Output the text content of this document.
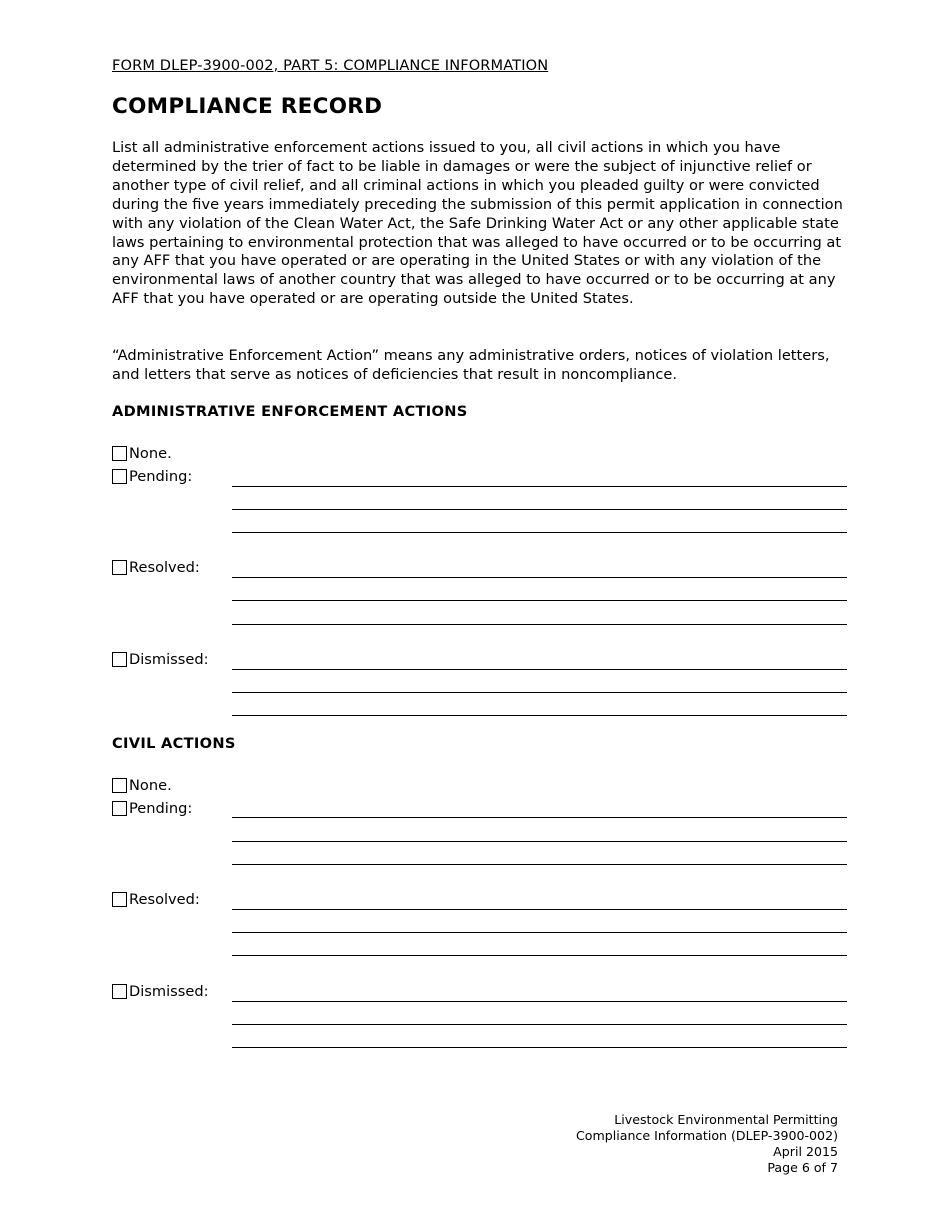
FORM DLEP-3900-002, PART 5: COMPLIANCE INFORMATION
COMPLIANCE RECORD

List all administrative enforcement actions issued to you, all civil actions in which you have determined by the trier of fact to be liable in damages or were the subject of injunctive relief or another type of civil relief, and all criminal actions in which you pleaded guilty or were convicted during the five years immediately preceding the submission of this permit application in connection with any violation of the Clean Water Act, the Safe Drinking Water Act or any other applicable state laws pertaining to environmental protection that was alleged to have occurred or to be occurring at any AFF that you have operated or are operating in the United States or with any violation of the environmental laws of another country that was alleged to have occurred or to be occurring at any AFF that you have operated or are operating outside the United States.

“Administrative Enforcement Action” means any administrative orders, notices of violation letters, and letters that serve as notices of deficiencies that result in noncompliance.

ADMINISTRATIVE ENFORCEMENT ACTIONS
None.
Pending:
Resolved:
Dismissed:
CIVIL ACTIONS
None.
Pending:
Resolved:
Dismissed:
Livestock Environmental Permitting
Compliance Information (DLEP-3900-002)
April 2015
Page 6 of 7
